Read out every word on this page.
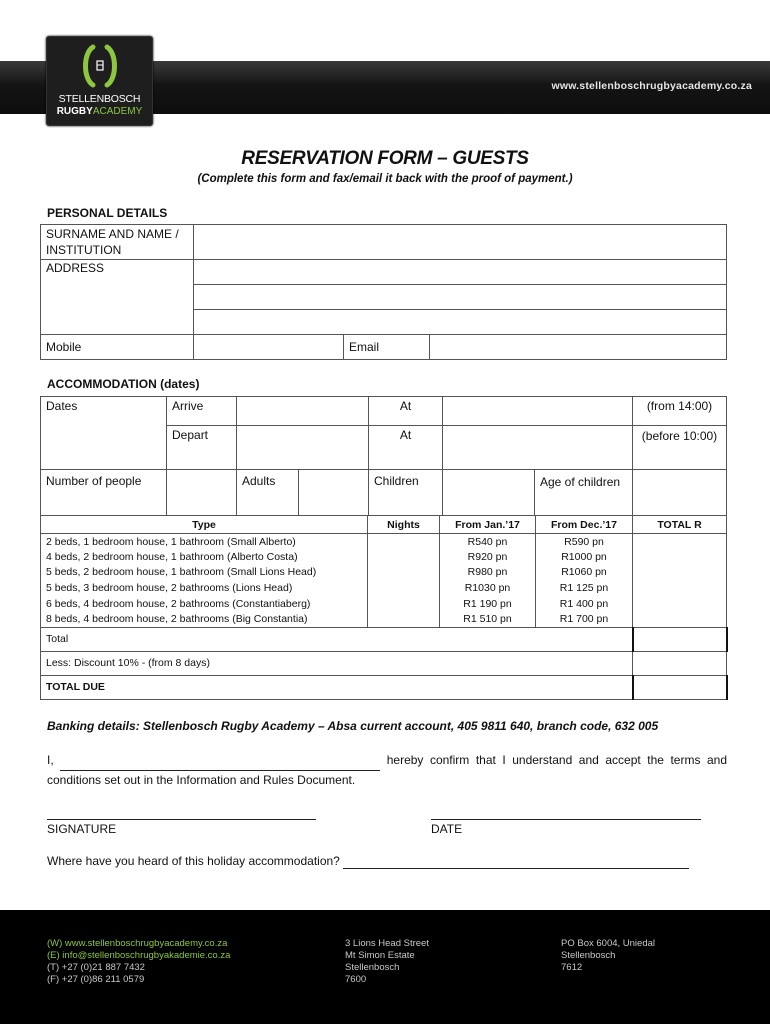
www.stellenboschrugbyacademy.co.za
STELLENBOSCH
RUGBYACADEMY
RESERVATION FORM – GUESTS
(Complete this form and fax/email it back with the proof of payment.)
PERSONAL DETAILS
SURNAME AND NAME / INSTITUTION			
ADDRESS			

Mobile		Email	
ACCOMMODATION (dates)
Dates	Arrive			At			(from 14:00)
	Depart			At			(before 10:00)
Number of people		Adults		Children		Age of children	
Type	Nights	From Jan.’17	From Dec.’17	TOTAL R
2 beds, 1 bedroom house, 1 bathroom (Small Alberto)		R540 pn	R590 pn	
4 beds, 2 bedroom house, 1 bathroom (Alberto Costa)		R920 pn	R1000 pn	
5 beds, 2 bedroom house, 1 bathroom (Small Lions Head)		R980 pn	R1060 pn	
5 beds, 3 bedroom house, 2 bathrooms (Lions Head)		R1030 pn	R1 125 pn	
6 beds, 4 bedroom house, 2 bathrooms (Constantiaberg)		R1 190 pn	R1 400 pn	
8 beds, 4 bedroom house, 2 bathrooms (Big Constantia)		R1 510 pn	R1 700 pn	
Total				
Less: Discount 10% - (from 8 days)				
TOTAL DUE				
Banking details: Stellenbosch Rugby Academy – Absa current account, 405 9811 640, branch code, 632 005
I,	hereby confirm that I understand and accept the terms and conditions set out in the Information and Rules Document.
SIGNATURE	DATE
Where have you heard of this holiday accommodation?
(W) www.stellenboschrugbyacademy.co.za
(E) info@stellenboschrugbyakademie.co.za
(T) +27 (0)21 887 7432
(F) +27 (0)86 211 0579
3 Lions Head Street
Mt Simon Estate
Stellenbosch
7600
PO Box 6004, Uniedal
Stellenbosch
7612
